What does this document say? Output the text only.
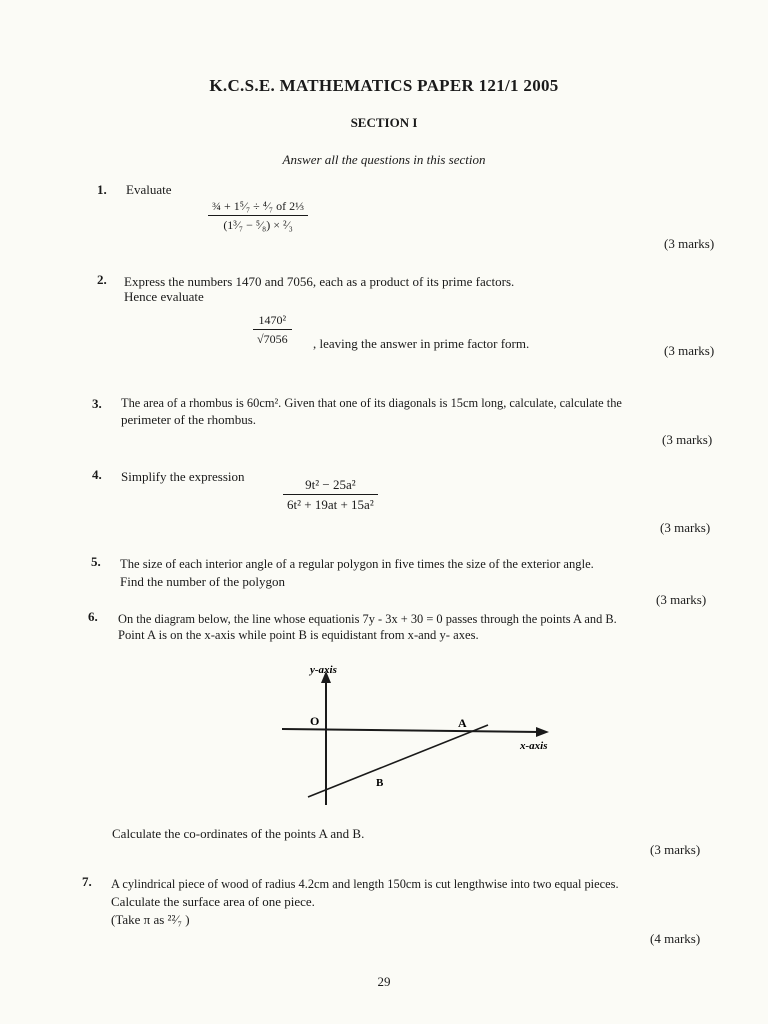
K.C.S.E. MATHEMATICS PAPER 121/1 2005
SECTION I
Answer all the questions in this section
1. Evaluate
$\frac{\text{¾ + 1⁵⁄₇ ÷ ⁴⁄₇ of 2⅓}}{\text{(1³⁄₇ − ⁵⁄₈) × ²⁄₃}}$
(3 marks)
2. Express the numbers 1470 and 7056, each as a product of its prime factors.
Hence evaluate
$\frac{\text{1470²}}{√7056}$ , leaving the answer in prime factor form.	(3 marks)
3. The area of a rhombus is 60cm². Given that one of its diagonals is 15cm long, calculate, calculate the
perimeter of the rhombus.
(3 marks)
4. Simplify the expression
$\frac{\text{9t² − 25a²}}{\text{6t² + 19at + 15a²}}$
(3 marks)
5. The size of each interior angle of a regular polygon in five times the size of the exterior angle.
Find the number of the polygon
(3 marks)
6. On the diagram below, the line whose equationis 7y - 3x + 30 = 0 passes through the points A and B.
Point A is on the x-axis while point B is equidistant from x-and y- axes.
y-axis
O	A
x-axis
B
Calculate the co-ordinates of the points A and B.
(3 marks)
7. A cylindrical piece of wood of radius 4.2cm and length 150cm is cut lengthwise into two equal pieces.
Calculate the surface area of one piece.
(Take π as ²²⁄₇ )
(4 marks)
29
